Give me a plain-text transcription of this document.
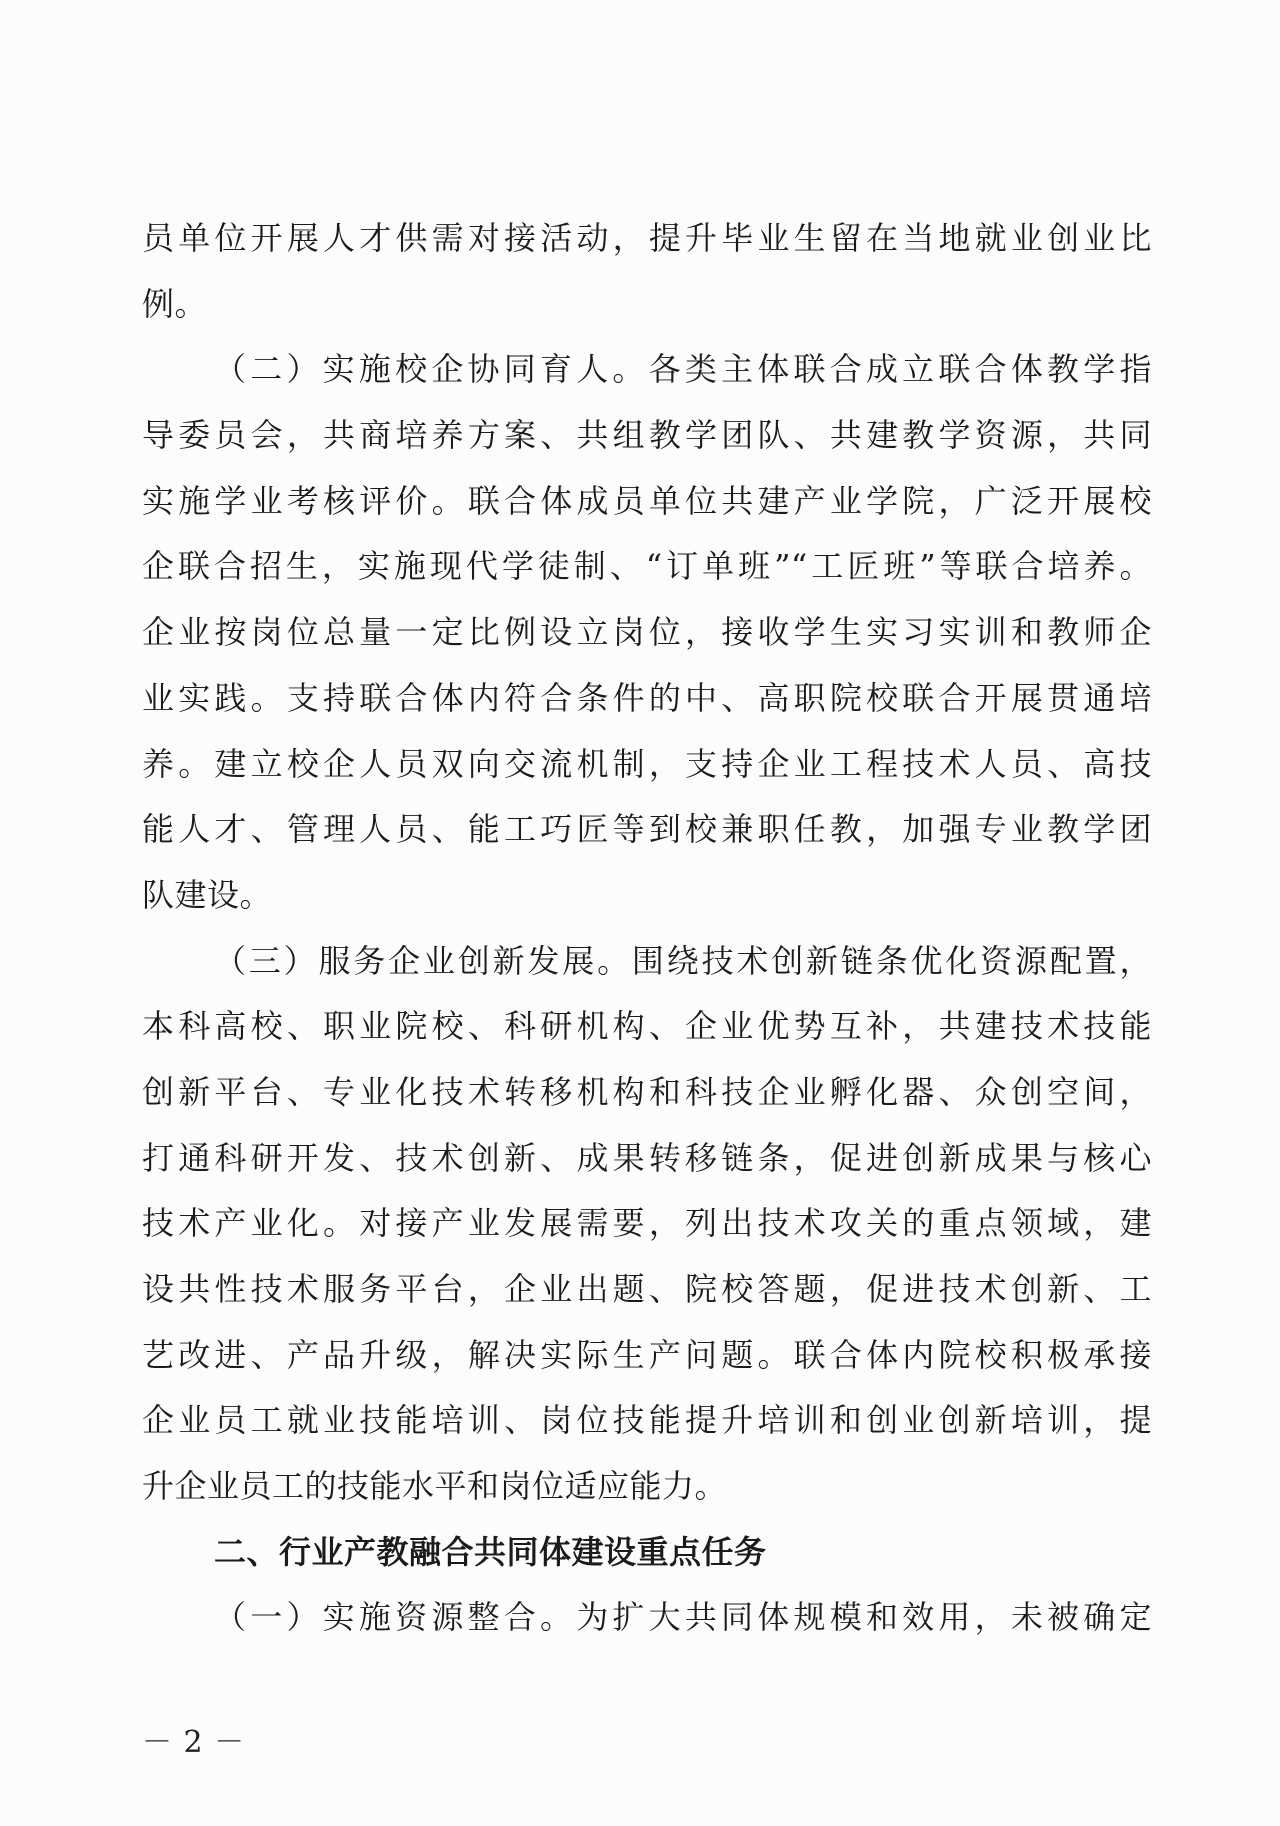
员单位开展人才供需对接活动，提升毕业生留在当地就业创业比
例。
（二）实施校企协同育人。各类主体联合成立联合体教学指
导委员会，共商培养方案、共组教学团队、共建教学资源，共同
实施学业考核评价。联合体成员单位共建产业学院，广泛开展校
企联合招生，实施现代学徒制、“订单班”“工匠班”等联合培养。
企业按岗位总量一定比例设立岗位，接收学生实习实训和教师企
业实践。支持联合体内符合条件的中、高职院校联合开展贯通培
养。建立校企人员双向交流机制，支持企业工程技术人员、高技
能人才、管理人员、能工巧匠等到校兼职任教，加强专业教学团
队建设。
（三）服务企业创新发展。围绕技术创新链条优化资源配置，
本科高校、职业院校、科研机构、企业优势互补，共建技术技能
创新平台、专业化技术转移机构和科技企业孵化器、众创空间，
打通科研开发、技术创新、成果转移链条，促进创新成果与核心
技术产业化。对接产业发展需要，列出技术攻关的重点领域，建
设共性技术服务平台，企业出题、院校答题，促进技术创新、工
艺改进、产品升级，解决实际生产问题。联合体内院校积极承接
企业员工就业技能培训、岗位技能提升培训和创业创新培训，提
升企业员工的技能水平和岗位适应能力。
二、行业产教融合共同体建设重点任务
（一）实施资源整合。为扩大共同体规模和效用，未被确定
－ 2 －
